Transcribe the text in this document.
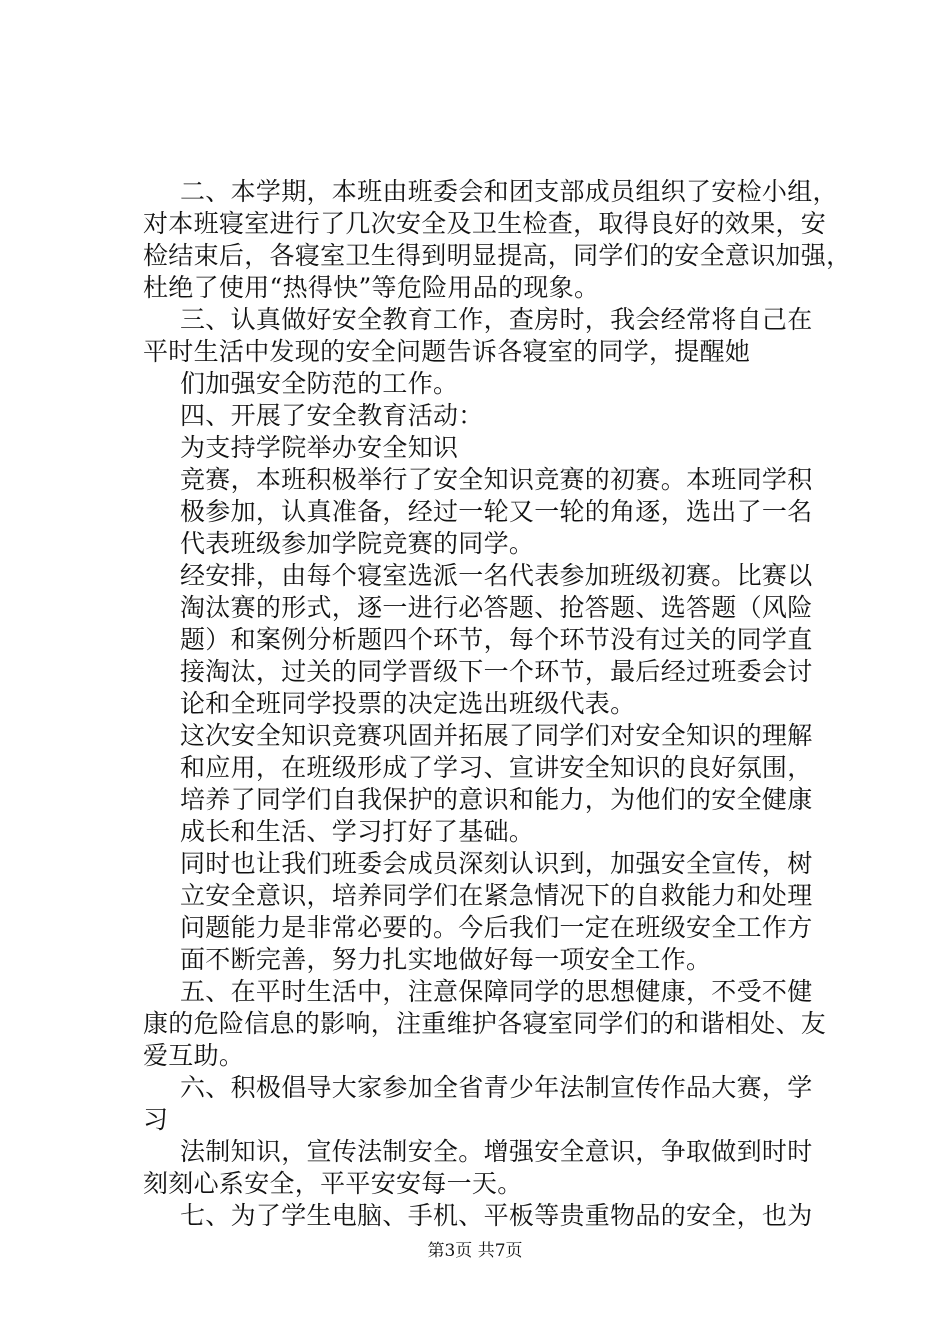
二、本学期，本班由班委会和团支部成员组织了安检小组，
对本班寝室进行了几次安全及卫生检查，取得良好的效果，安
检结束后，各寝室卫生得到明显提高，同学们的安全意识加强，
杜绝了使用“热得快”等危险用品的现象。
三、认真做好安全教育工作，查房时，我会经常将自己在
平时生活中发现的安全问题告诉各寝室的同学，提醒她
们加强安全防范的工作。
四、开展了安全教育活动：
为支持学院举办安全知识
竞赛，本班积极举行了安全知识竞赛的初赛。本班同学积
极参加，认真准备，经过一轮又一轮的角逐，选出了一名
代表班级参加学院竞赛的同学。
经安排，由每个寝室选派一名代表参加班级初赛。比赛以
淘汰赛的形式，逐一进行必答题、抢答题、选答题（风险
题）和案例分析题四个环节，每个环节没有过关的同学直
接淘汰，过关的同学晋级下一个环节，最后经过班委会讨
论和全班同学投票的决定选出班级代表。
这次安全知识竞赛巩固并拓展了同学们对安全知识的理解
和应用，在班级形成了学习、宣讲安全知识的良好氛围，
培养了同学们自我保护的意识和能力，为他们的安全健康
成长和生活、学习打好了基础。
同时也让我们班委会成员深刻认识到，加强安全宣传，树
立安全意识，培养同学们在紧急情况下的自救能力和处理
问题能力是非常必要的。今后我们一定在班级安全工作方
面不断完善，努力扎实地做好每一项安全工作。
五、在平时生活中，注意保障同学的思想健康，不受不健
康的危险信息的影响，注重维护各寝室同学们的和谐相处、友
爱互助。
六、积极倡导大家参加全省青少年法制宣传作品大赛，学
习
法制知识，宣传法制安全。增强安全意识，争取做到时时
刻刻心系安全，平平安安每一天。
七、为了学生电脑、手机、平板等贵重物品的安全，也为
第3页 共7页
